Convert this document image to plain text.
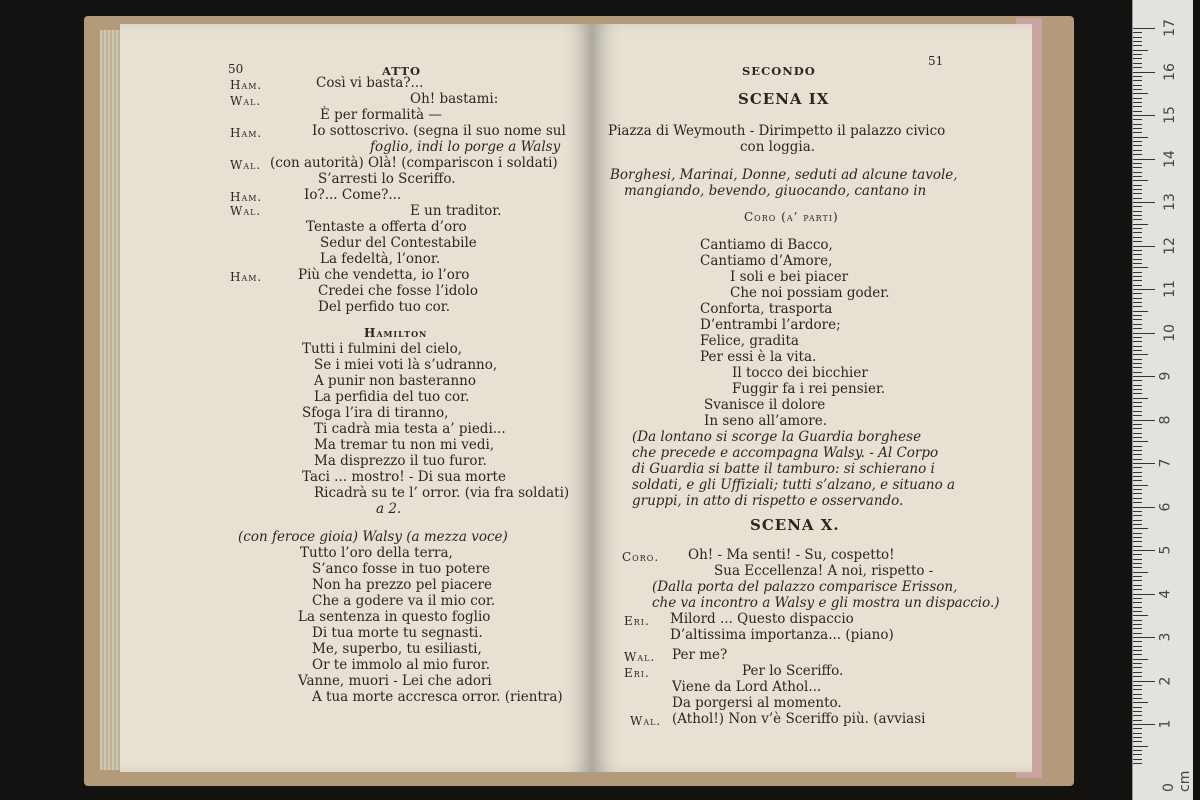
50	ATTO
Ham.	Così vi basta?...
Wal.	Oh! bastami:
È per formalità —
Ham.	Io sottoscrivo. (segna il suo nome sul
foglio, indi lo porge a Walsy
Wal. (con autorità) Olà! (compariscon i soldati)
S’arresti lo Sceriffo.
Ham.	Io?... Come?...
Wal.	E un traditor.
Tentaste a offerta d’oro
Sedur del Contestabile
La fedeltà, l’onor.
Ham.	Più che vendetta, io l’oro
Credei che fosse l’idolo
Del perfido tuo cor.
Hamilton
Tutti i fulmini del cielo,
Se i miei voti là s’udranno,
A punir non basteranno
La perfidia del tuo cor.
Sfoga l’ira di tiranno,
Ti cadrà mia testa a’ piedi...
Ma tremar tu non mi vedi,
Ma disprezzo il tuo furor.
Taci ... mostro! - Di sua morte
Ricadrà su te l’ orror. (via fra soldati)
a 2.
(con feroce gioia) Walsy (a mezza voce)
Tutto l’oro della terra,
S’anco fosse in tuo potere
Non ha prezzo pel piacere
Che a godere va il mio cor.
La sentenza in questo foglio
Di tua morte tu segnasti.
Me, superbo, tu esiliasti,
Or te immolo al mio furor.
Vanne, muori - Lei che adori
A tua morte accresca orror. (rientra)
SECONDO
51
SCENA IX
Piazza di Weymouth - Dirimpetto il palazzo civico
con loggia.
Borghesi, Marinai, Donne, seduti ad alcune tavole,
mangiando, bevendo, giuocando, cantano in
Coro (a’ parti)
Cantiamo di Bacco,
Cantiamo d’Amore,
I soli e bei piacer
Che noi possiam goder.
Conforta, trasporta
D’entrambi l’ardore;
Felice, gradita
Per essi è la vita.
Il tocco dei bicchier
Fuggir fa i rei pensier.
Svanisce il dolore
In seno all’amore.
(Da lontano si scorge la Guardia borghese
che precede e accompagna Walsy. - Al Corpo
di Guardia si batte il tamburo: si schierano i
soldati, e gli Uffiziali; tutti s’alzano, e situano a
gruppi, in atto di rispetto e osservando.
SCENA X.
Coro. Oh! - Ma senti! - Su, cospetto!
Sua Eccellenza! A noi, rispetto -
(Dalla porta del palazzo comparisce Erisson,
che va incontro a Walsy e gli mostra un dispaccio.)
Eri. Milord ... Questo dispaccio
D’altissima importanza... (piano)
Wal. Per me?
Eri.	Per lo Sceriffo.
Viene da Lord Athol...
Da porgersi al momento.
Wal. (Athol!) Non v’è Sceriffo più. (avviasi
17
16
15
14
13
12
11
10
9
8
7
6
5
4
3
2
1
0 cm
